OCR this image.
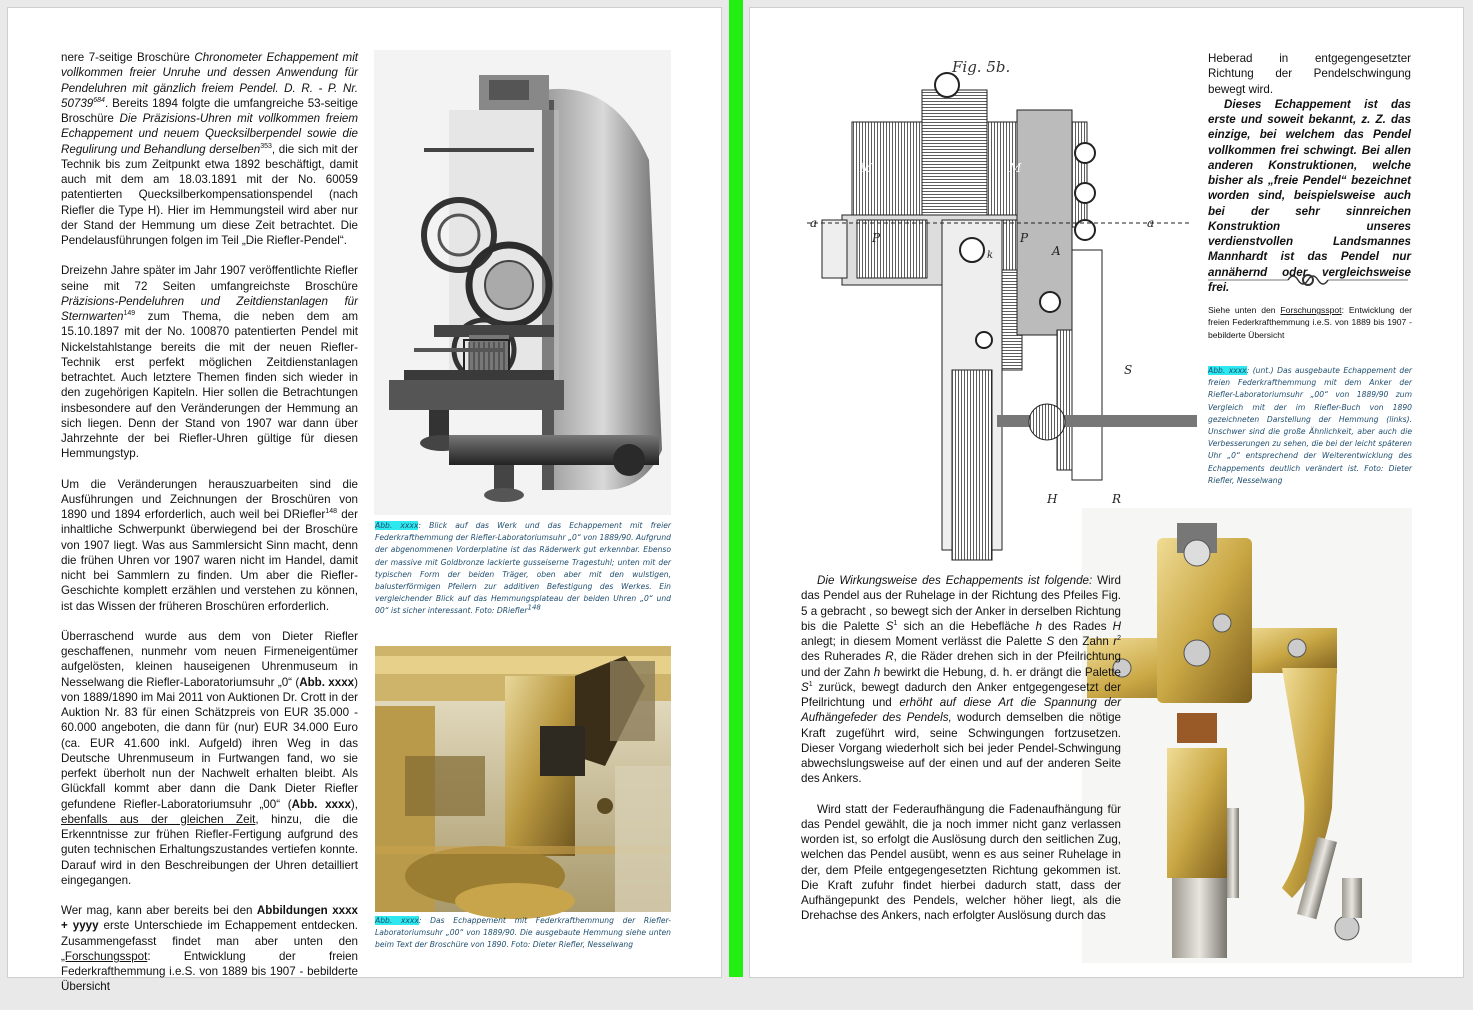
nere 7-seitige Broschüre Chronometer Echappement mit vollkommen freier Unruhe und dessen Anwendung für Pendeluhren mit gänzlich freiem Pendel. D. R. - P. Nr. 50739$^{684}$. Bereits 1894 folgte die umfangreiche 53-seitige Broschüre Die Präzisions-Uhren mit vollkommen freiem Echappement und neuem Quecksilberpendel sowie die Regulirung und Behandlung derselben$^{353}$, die sich mit der Technik bis zum Zeitpunkt etwa 1892 beschäftigt, damit auch mit dem am 18.03.1891 mit der No. 60059 patentierten Quecksilberkompensationspendel (nach Riefler die Type H). Hier im Hemmungsteil wird aber nur der Stand der Hemmung um diese Zeit betrachtet. Die Pendelausführungen folgen im Teil „Die Riefler-Pendel“.

Dreizehn Jahre später im Jahr 1907 veröffentlichte Riefler seine mit 72 Seiten umfangreichste Broschüre Präzisions-Pendeluhren und Zeitdienstanlagen für Sternwarten$^{149}$ zum Thema, die neben dem am 15.10.1897 mit der No. 100870 patentierten Pendel mit Nickelstahlstange bereits die mit der neuen Riefler-Technik erst perfekt möglichen Zeitdienstanlagen betrachtet. Auch letztere Themen finden sich wieder in den zugehörigen Kapiteln. Hier sollen die Betrachtungen insbesondere auf den Veränderungen der Hemmung an sich liegen. Denn der Stand von 1907 war dann über Jahrzehnte der bei Riefler-Uhren gültige für diesen Hemmungstyp.

Um die Veränderungen herauszuarbeiten sind die Ausführungen und Zeichnungen der Broschüren von 1890 und 1894 erforderlich, auch weil bei DRiefler$^{148}$ der inhaltliche Schwerpunkt überwiegend bei der Broschüre von 1907 liegt. Was aus Sammlersicht Sinn macht, denn die frühen Uhren vor 1907 waren nicht im Handel, damit nicht bei Sammlern zu finden. Um aber die Riefler-Geschichte komplett erzählen und verstehen zu können, ist das Wissen der früheren Broschüren erforderlich.

Überraschend wurde aus dem von Dieter Riefler geschaffenen, nunmehr vom neuen Firmeneigentümer aufgelösten, kleinen hauseigenen Uhrenmuseum in Nesselwang die Riefler-Laboratoriumsuhr „0“ (Abb. xxxx) von 1889/1890 im Mai 2011 von Auktionen Dr. Crott in der Auktion Nr. 83 für einen Schätzpreis von EUR 35.000 - 60.000 angeboten, die dann für (nur) EUR 34.000 Euro (ca. EUR 41.600 inkl. Aufgeld) ihren Weg in das Deutsche Uhrenmuseum in Furtwangen fand, wo sie perfekt überholt nun der Nachwelt erhalten bleibt. Als Glückfall kommt aber dann die Dank Dieter Riefler gefundene Riefler-Laboratoriumsuhr „00“ (Abb. xxxx), ebenfalls aus der gleichen Zeit, hinzu, die die Erkenntnisse zur frühen Riefler-Fertigung aufgrund des guten technischen Erhaltungszustandes vertiefen konnte. Darauf wird in den Beschreibungen der Uhren detailliert eingegangen.

Wer mag, kann aber bereits bei den Abbildungen xxxx + yyyy erste Unterschiede im Echappement entdecken. Zusammengefasst findet man aber unten den „Forschungsspot: Entwicklung der freien Federkrafthemmung i.e.S. von 1889 bis 1907 - bebilderte Übersicht

Abb. xxxx: Blick auf das Werk und das Echappement mit freier Federkrafthemmung der Riefler-Laboratoriumsuhr „0“ von 1889/90. Aufgrund der abgenommenen Vorderplatine ist das Räderwerk gut erkennbar. Ebenso der massive mit Goldbronze lackierte gusseiserne Tragestuhl; unten mit der typischen Form der beiden Träger, oben aber mit den wulstigen, balusterförmigen Pfeilern zur additiven Befestigung des Werkes. Ein vergleichender Blick auf das Hemmungsplateau der beiden Uhren „0“ und 00“ ist sicher interessant. Foto: DRiefler$^{148}$
Abb. xxxx: Das Echappement mit Federkrafthemmung der Riefler-Laboratoriumsuhr „00“ von 1889/90. Die ausgebaute Hemmung siehe unten beim Text der Broschüre von 1890. Foto: Dieter Riefler, Nesselwang
Fig. 5b.
M	M
a	a
P	P
A
k
S
H	R

Heberad in entgegengesetzter Richtung der Pendelschwingung bewegt wird.

Dieses Echappement ist das erste und soweit bekannt, z. Z. das einzige, bei welchem das Pendel vollkommen frei schwingt. Bei allen anderen Konstruktionen, welche bisher als „freie Pendel“ bezeichnet worden sind, beispielsweise auch bei der sehr sinnreichen Konstruktion unseres verdienstvollen Landsmannes Mannhardt ist das Pendel nur annähernd oder vergleichsweise frei.

Siehe unten den Forschungsspot: Entwicklung der freien Federkrafthemmung i.e.S. von 1889 bis 1907 - bebilderte Übersicht
Abb. xxxx: (unt.) Das ausgebaute Echappement der freien Federkrafthemmung mit dem Anker der Riefler-Laboratoriumsuhr „00“ von 1889/90 zum Vergleich mit der im Riefler-Buch von 1890 gezeichneten Darstellung der Hemmung (links). Unschwer sind die große Ähnlichkeit, aber auch die Verbesserungen zu sehen, die bei der leicht späteren Uhr „0“ entsprechend der Weiterentwicklung des Echappements deutlich verändert ist. Foto: Dieter Riefler, Nesselwang

Die Wirkungsweise des Echappements ist folgende: Wird das Pendel aus der Ruhelage in der Richtung des Pfeiles Fig. 5 a gebracht , so bewegt sich der Anker in derselben Richtung bis die Palette $S^1$ sich an die Hebefläche h des Rades H anlegt; in diesem Moment verlässt die Palette S den Zahn $r^2$ des Ruherades R, die Räder drehen sich in der Pfeilrichtung und der Zahn h bewirkt die Hebung, d. h. er drängt die Palette $S^1$ zurück, bewegt dadurch den Anker entgegengesetzt der Pfeilrichtung und erhöht auf diese Art die Spannung der Aufhängefeder des Pendels, wodurch demselben die nötige Kraft zugeführt wird, seine Schwingungen fortzusetzen. Dieser Vorgang wiederholt sich bei jeder Pendel-Schwingung abwechslungsweise auf der einen und auf der anderen Seite des Ankers.

Wird statt der Federaufhängung die Fadenaufhängung für das Pendel gewählt, die ja noch immer nicht ganz verlassen worden ist, so erfolgt die Auslösung durch den seitlichen Zug, welchen das Pendel ausübt, wenn es aus seiner Ruhelage in der, dem Pfeile entgegengesetzten Richtung gekommen ist. Die Kraft zufuhr findet hierbei dadurch statt, dass der Aufhängepunkt des Pendels, welcher höher liegt, als die Drehachse des Ankers, nach erfolgter Auslösung durch das
